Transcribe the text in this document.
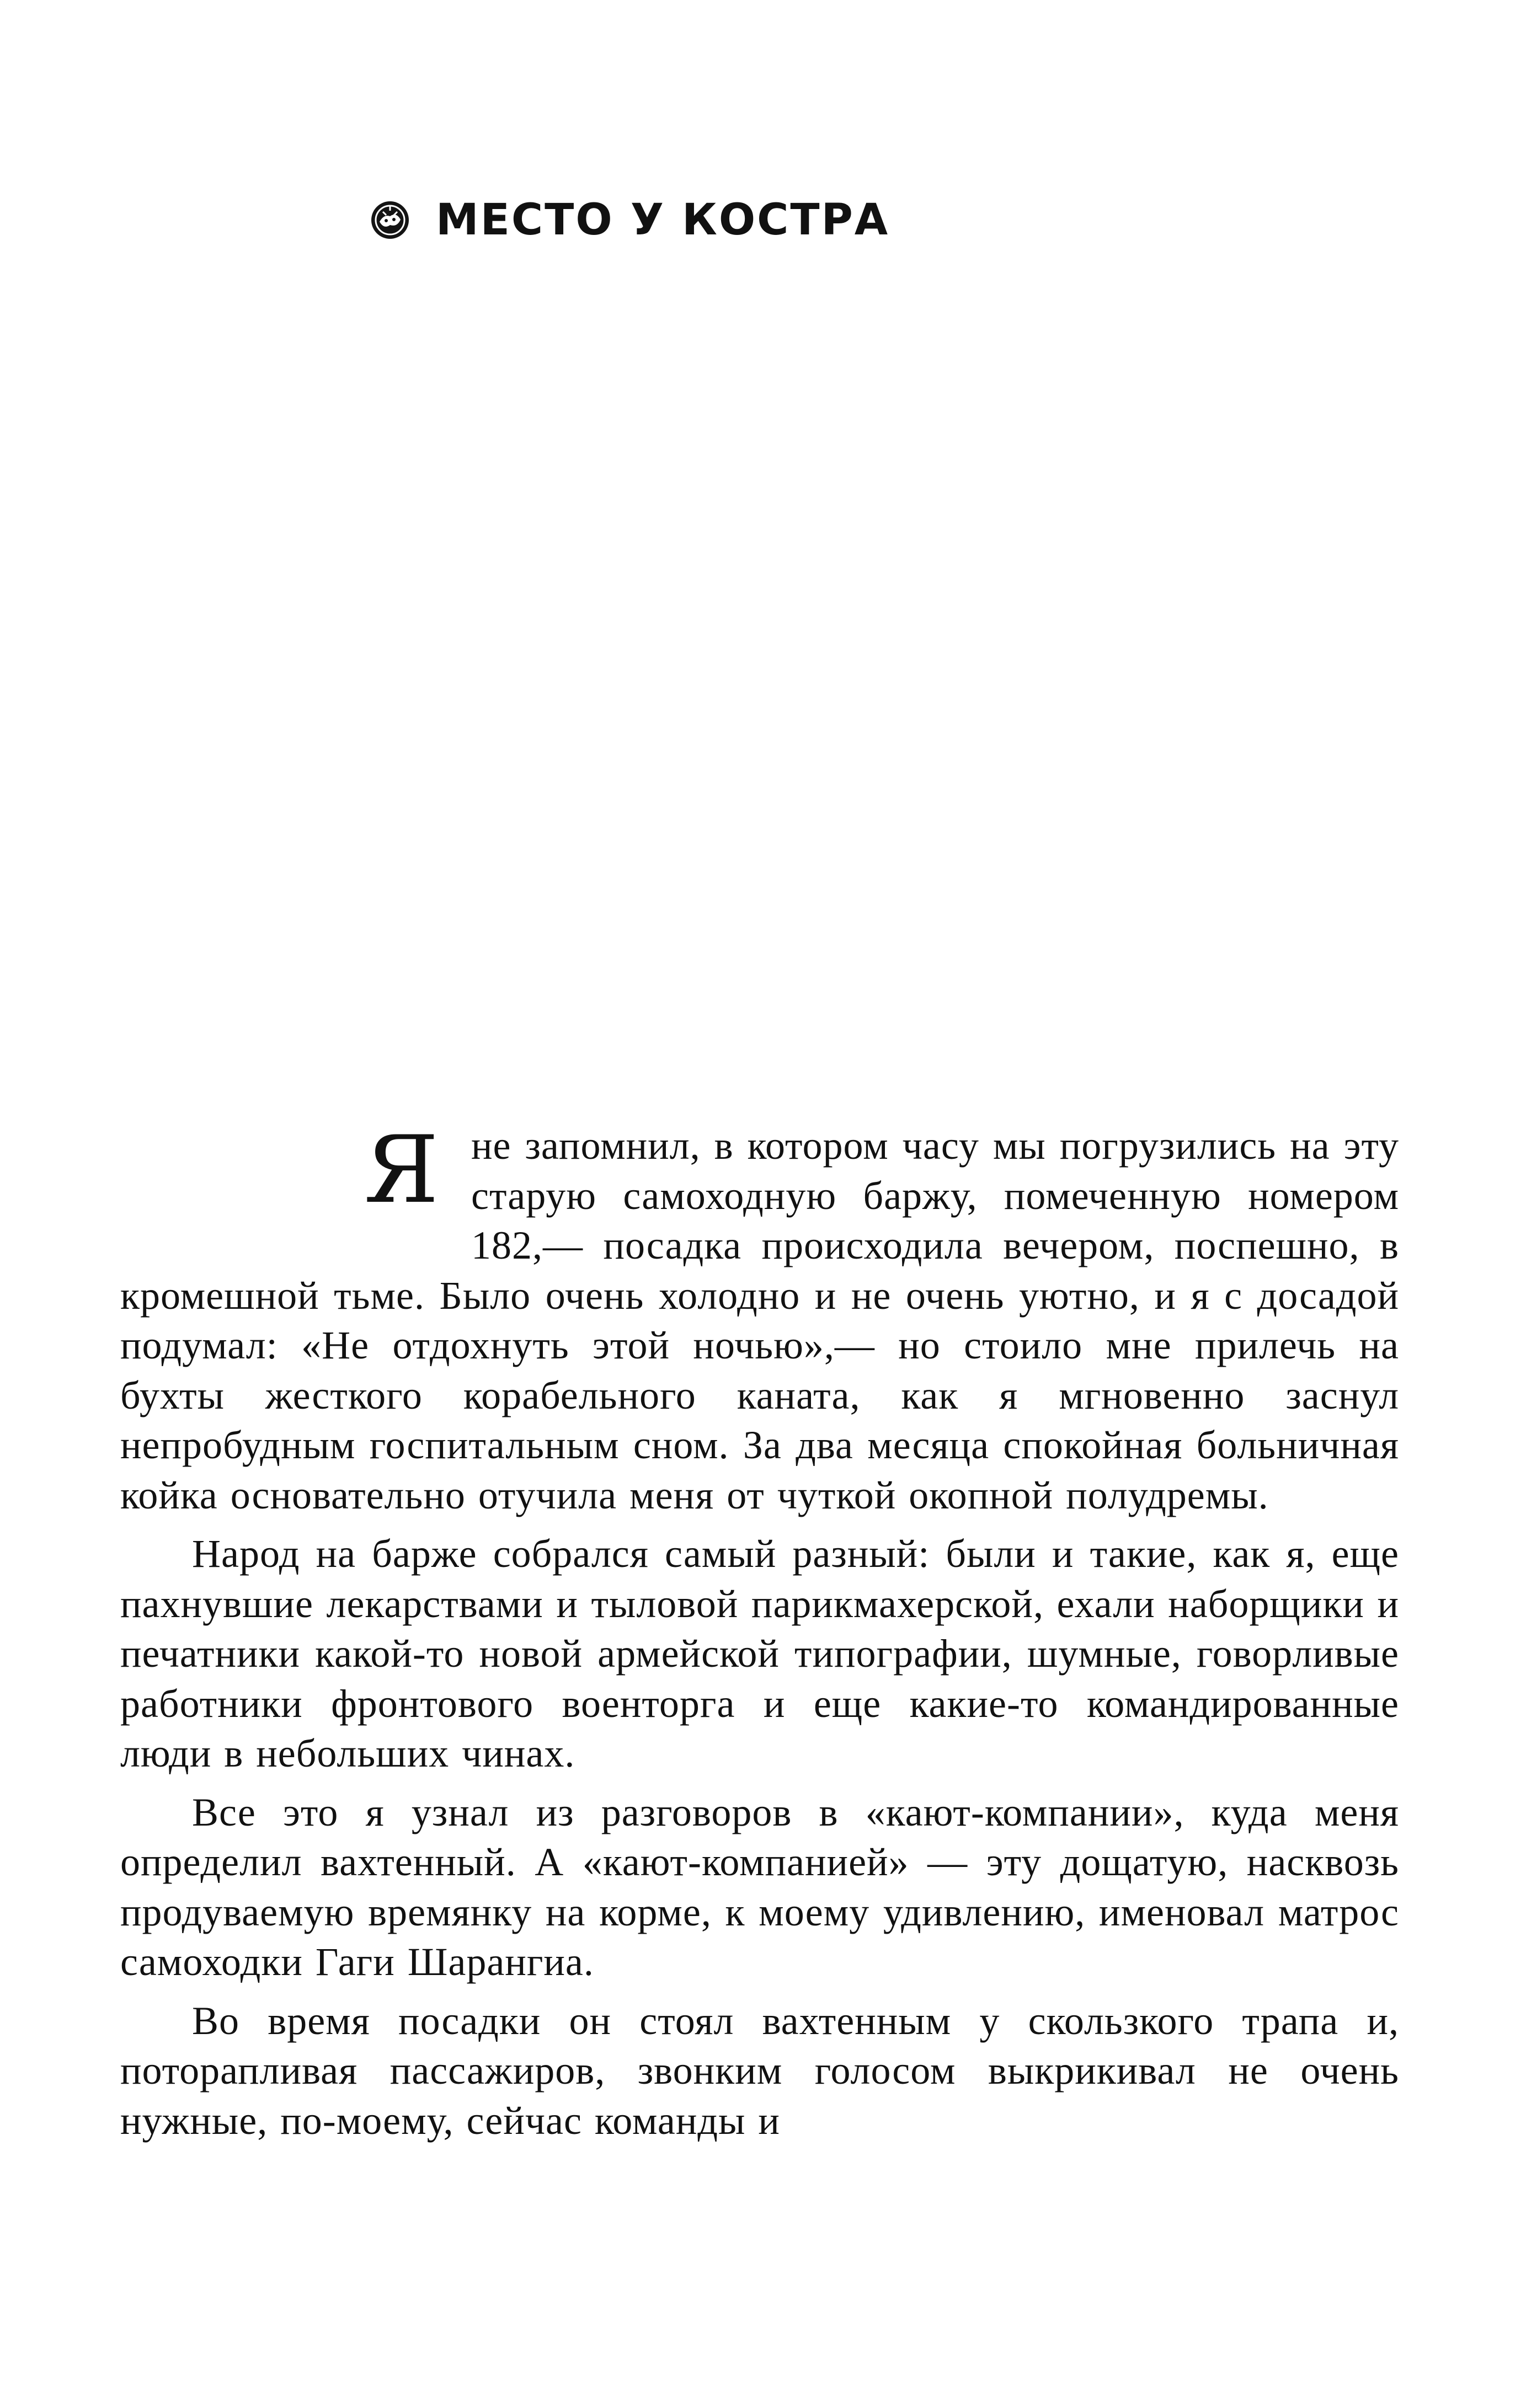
МЕСТО У КОСТРА

Я не запомнил, в котором часу мы погрузились на эту старую самоходную баржу, помеченную номером 182,— посадка происходила вечером, поспешно, в кромешной тьме. Было очень холодно и не очень уютно, и я с досадой подумал: «Не отдохнуть этой ночью»,— но стоило мне прилечь на бухты жесткого корабельного каната, как я мгновенно заснул непробудным госпитальным сном. За два месяца спокойная больничная койка основательно отучила меня от чуткой окопной полудремы.

Народ на барже собрался самый разный: были и такие, как я, еще пахнувшие лекарствами и тыловой парикмахерской, ехали наборщики и печатники какой-то новой армейской типографии, шумные, говорливые работники фронтового военторга и еще какие-то командированные люди в небольших чинах.

Все это я узнал из разговоров в «кают-компании», куда меня определил вахтенный. А «кают-компанией» — эту дощатую, насквозь продуваемую времянку на корме, к моему удивлению, именовал матрос самоходки Гаги Шарангиа.

Во время посадки он стоял вахтенным у скользкого трапа и, поторапливая пассажиров, звонким голосом выкрикивал не очень нужные, по-моему, сейчас команды и
